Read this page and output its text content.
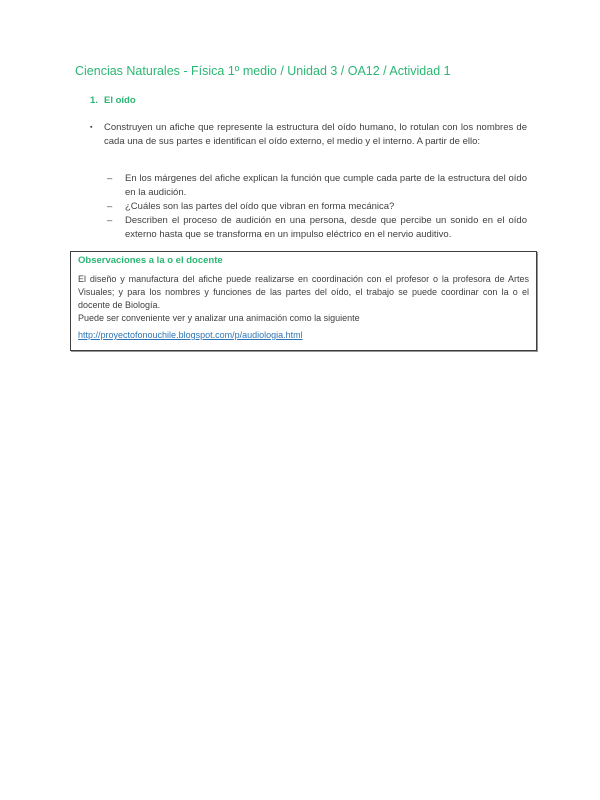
Ciencias Naturales - Física 1º medio / Unidad 3 / OA12 / Actividad 1
1. El oído
▪	Construyen un afiche que represente la estructura del oído humano, lo rotulan con los nombres de cada una de sus partes e identifican el oído externo, el medio y el interno. A partir de ello:
–	En los márgenes del afiche explican la función que cumple cada parte de la estructura del oído en la audición.
–	¿Cuáles son las partes del oído que vibran en forma mecánica?
–	Describen el proceso de audición en una persona, desde que percibe un sonido en el oído externo hasta que se transforma en un impulso eléctrico en el nervio auditivo.
Observaciones a la o el docente

El diseño y manufactura del afiche puede realizarse en coordinación con el profesor o la profesora de Artes Visuales; y para los nombres y funciones de las partes del oído, el trabajo se puede coordinar con la o el docente de Biología.

Puede ser conveniente ver y analizar una animación como la siguiente

http://proyectofonouchile.blogspot.com/p/audiologia.html
